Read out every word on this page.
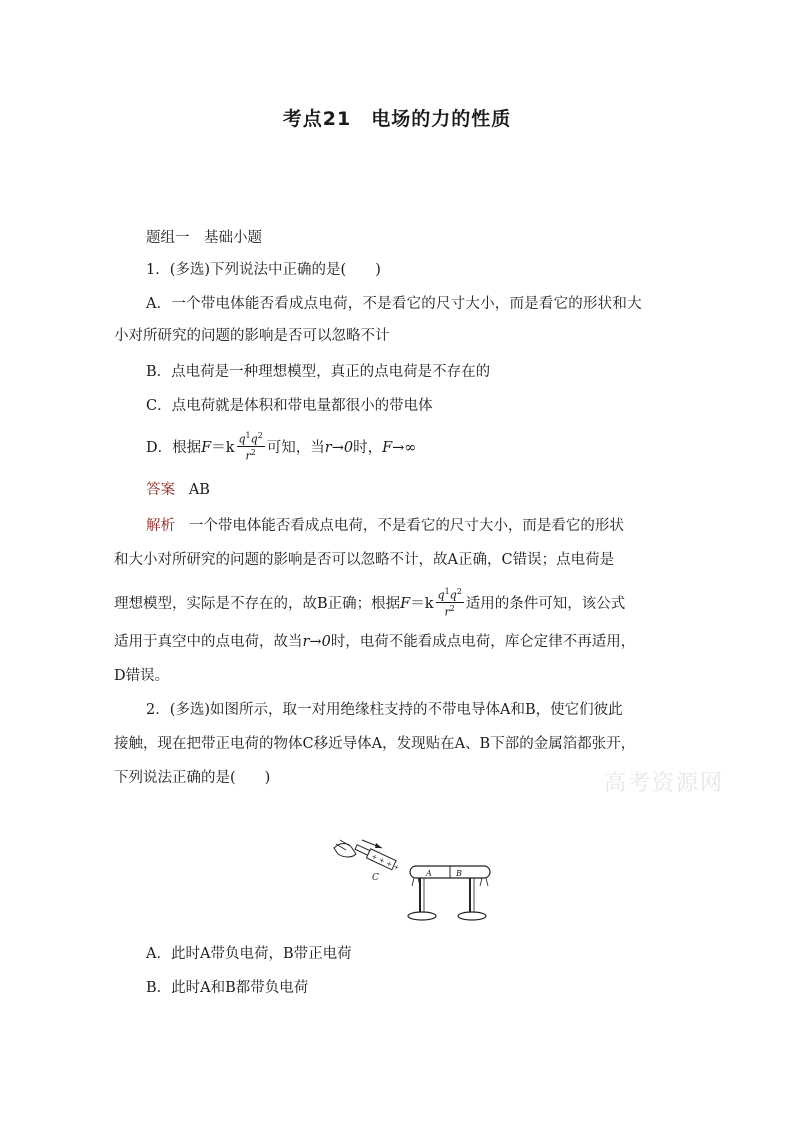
考点21　电场的力的性质
题组一　基础小题
1．(多选)下列说法中正确的是(　　)
A．一个带电体能否看成点电荷，不是看它的尺寸大小，而是看它的形状和大
小对所研究的问题的影响是否可以忽略不计
B．点电荷是一种理想模型，真正的点电荷是不存在的
C．点电荷就是体积和带电量都很小的带电体
D．根据$F=k \frac{q^1q^2}{r^2}$ 可知，当r→0时，F→∞
答案 AB
解析 一个带电体能否看成点电荷，不是看它的尺寸大小，而是看它的形状
和大小对所研究的问题的影响是否可以忽略不计，故A正确，C错误；点电荷是
理想模型，实际是不存在的，故B正确；根据$F=k \frac{q^1q^2}{r^2}$ 适用的条件可知，该公式
适用于真空中的点电荷，故当r→0时，电荷不能看成点电荷，库仑定律不再适用，
D错误。
2．(多选)如图所示，取一对用绝缘柱支持的不带电导体A和B，使它们彼此
接触，现在把带正电荷的物体C移近导体A，发现贴在A、B下部的金属箔都张开，
下列说法正确的是(　　)	高考资源网
+ + + +
C	A	B
A．此时A带负电荷，B带正电荷
B．此时A和B都带负电荷
